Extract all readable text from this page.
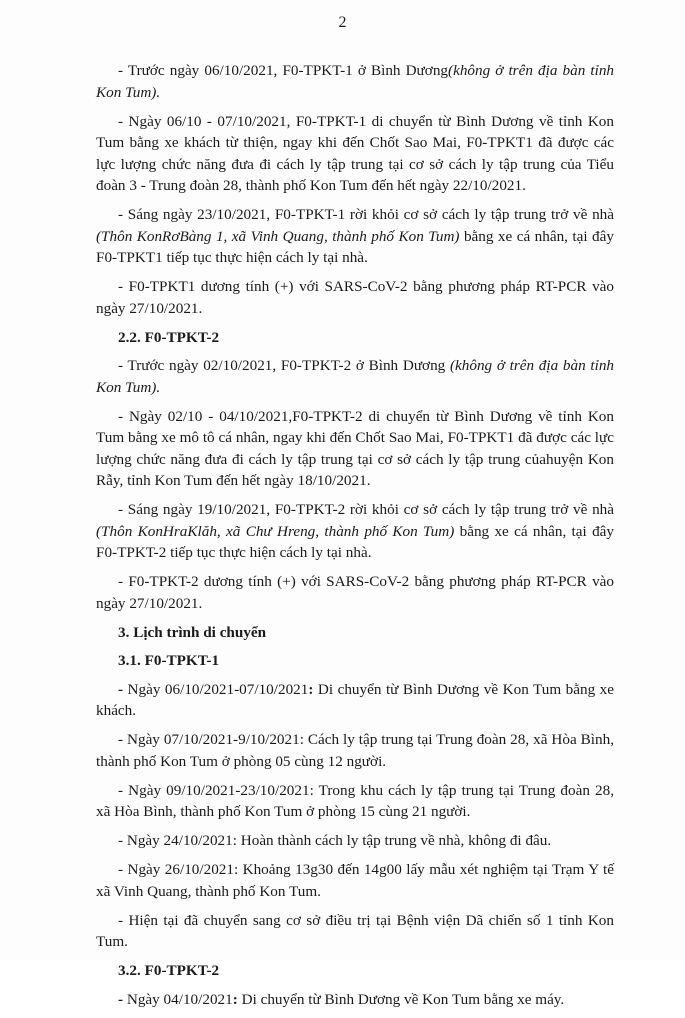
2

- Trước ngày 06/10/2021, F0-TPKT-1 ở Bình Dương(không ở trên địa bàn tỉnh Kon Tum).

- Ngày 06/10 - 07/10/2021, F0-TPKT-1 di chuyển từ Bình Dương về tỉnh Kon Tum bằng xe khách từ thiện, ngay khi đến Chốt Sao Mai, F0-TPKT1 đã được các lực lượng chức năng đưa đi cách ly tập trung tại cơ sở cách ly tập trung của Tiểu đoàn 3 - Trung đoàn 28, thành phố Kon Tum đến hết ngày 22/10/2021.

- Sáng ngày 23/10/2021, F0-TPKT-1 rời khỏi cơ sở cách ly tập trung trở về nhà (Thôn KonRơBàng 1, xã Vinh Quang, thành phố Kon Tum) bằng xe cá nhân, tại đây F0-TPKT1 tiếp tục thực hiện cách ly tại nhà.

- F0-TPKT1 dương tính (+) với SARS-CoV-2 bằng phương pháp RT-PCR vào ngày 27/10/2021.

2.2. F0-TPKT-2

- Trước ngày 02/10/2021, F0-TPKT-2 ở Bình Dương (không ở trên địa bàn tỉnh Kon Tum).

- Ngày 02/10 - 04/10/2021,F0-TPKT-2 di chuyển từ Bình Dương về tỉnh Kon Tum bằng xe mô tô cá nhân, ngay khi đến Chốt Sao Mai, F0-TPKT1 đã được các lực lượng chức năng đưa đi cách ly tập trung tại cơ sở cách ly tập trung củahuyện Kon Rẫy, tỉnh Kon Tum đến hết ngày 18/10/2021.

- Sáng ngày 19/10/2021, F0-TPKT-2 rời khỏi cơ sở cách ly tập trung trở về nhà (Thôn KonHraKlăh, xã Chư Hreng, thành phố Kon Tum) bằng xe cá nhân, tại đây F0-TPKT-2 tiếp tục thực hiện cách ly tại nhà.

- F0-TPKT-2 dương tính (+) với SARS-CoV-2 bằng phương pháp RT-PCR vào ngày 27/10/2021.

3. Lịch trình di chuyển

3.1. F0-TPKT-1

- Ngày 06/10/2021-07/10/2021: Di chuyển từ Bình Dương về Kon Tum bằng xe khách.

- Ngày 07/10/2021-9/10/2021: Cách ly tập trung tại Trung đoàn 28, xã Hòa Bình, thành phố Kon Tum ở phòng 05 cùng 12 người.

- Ngày 09/10/2021-23/10/2021: Trong khu cách ly tập trung tại Trung đoàn 28, xã Hòa Bình, thành phố Kon Tum ở phòng 15 cùng 21 người.

- Ngày 24/10/2021: Hoàn thành cách ly tập trung về nhà, không đi đâu.

- Ngày 26/10/2021: Khoảng 13g30 đến 14g00 lấy mẫu xét nghiệm tại Trạm Y tế xã Vinh Quang, thành phố Kon Tum.

- Hiện tại đã chuyển sang cơ sở điều trị tại Bệnh viện Dã chiến số 1 tỉnh Kon Tum.

3.2. F0-TPKT-2

- Ngày 04/10/2021: Di chuyển từ Bình Dương về Kon Tum bằng xe máy.
